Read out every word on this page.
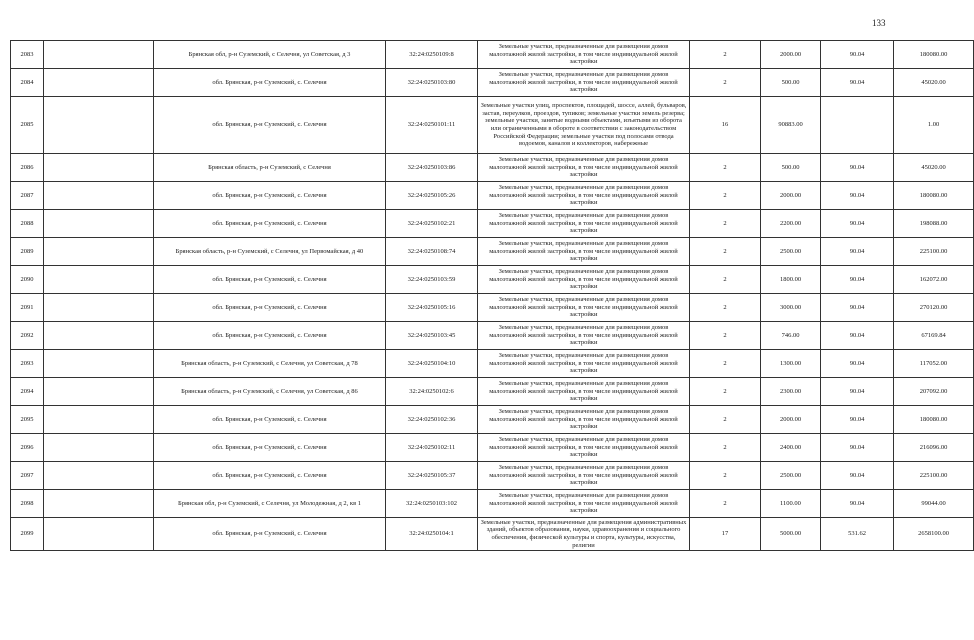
133
2083		Брянская обл, р-н Суземский, с Селечня, ул Советская, д 3	32:24:0250109:8	Земельные участки, предназначенные для размещения домов малоэтажной жилой застройки, в том числе индивидуальной жилой застройки	2	2000.00	90.04	180080.00
2084		обл. Брянская, р-н Суземский, с. Селечня	32:24:0250103:80	Земельные участки, предназначенные для размещения домов малоэтажной жилой застройки, в том числе индивидуальной жилой застройки	2	500.00	90.04	45020.00
2085		обл. Брянская, р-н Суземский, с. Селечня	32:24:0250101:11	Земельные участки улиц, проспектов, площадей, шоссе, аллей, бульваров, застав, переулков, проездов, тупиков; земельные участки земель резерва; земельные участки, занятые водными объектами, изъятыми из оборота или ограниченными в обороте в соответствии с законодательством Российской Федерации; земельные участки под полосами отвода водоемов, каналов и коллекторов, набережные	16	90883.00		1.00
2086		Брянская область, р-н Суземский, с Селечня	32:24:0250103:86	Земельные участки, предназначенные для размещения домов малоэтажной жилой застройки, в том числе индивидуальной жилой застройки	2	500.00	90.04	45020.00
2087		обл. Брянская, р-н Суземский, с. Селечня	32:24:0250105:26	Земельные участки, предназначенные для размещения домов малоэтажной жилой застройки, в том числе индивидуальной жилой застройки	2	2000.00	90.04	180080.00
2088		обл. Брянская, р-н Суземский, с. Селечня	32:24:0250102:21	Земельные участки, предназначенные для размещения домов малоэтажной жилой застройки, в том числе индивидуальной жилой застройки	2	2200.00	90.04	198088.00
2089		Брянская область, р-н Суземский, с Селечня, ул Первомайская, д 40	32:24:0250108:74	Земельные участки, предназначенные для размещения домов малоэтажной жилой застройки, в том числе индивидуальной жилой застройки	2	2500.00	90.04	225100.00
2090		обл. Брянская, р-н Суземский, с. Селечня	32:24:0250103:59	Земельные участки, предназначенные для размещения домов малоэтажной жилой застройки, в том числе индивидуальной жилой застройки	2	1800.00	90.04	162072.00
2091		обл. Брянская, р-н Суземский, с. Селечня	32:24:0250105:16	Земельные участки, предназначенные для размещения домов малоэтажной жилой застройки, в том числе индивидуальной жилой застройки	2	3000.00	90.04	270120.00
2092		обл. Брянская, р-н Суземский, с. Селечня	32:24:0250103:45	Земельные участки, предназначенные для размещения домов малоэтажной жилой застройки, в том числе индивидуальной жилой застройки	2	746.00	90.04	67169.84
2093		Брянская область, р-н Суземский, с Селечня, ул Советская, д 78	32:24:0250104:10	Земельные участки, предназначенные для размещения домов малоэтажной жилой застройки, в том числе индивидуальной жилой застройки	2	1300.00	90.04	117052.00
2094		Брянская область, р-н Суземский, с Селечня, ул Советская, д 86	32:24:0250102:6	Земельные участки, предназначенные для размещения домов малоэтажной жилой застройки, в том числе индивидуальной жилой застройки	2	2300.00	90.04	207092.00
2095		обл. Брянская, р-н Суземский, с. Селечня	32:24:0250102:36	Земельные участки, предназначенные для размещения домов малоэтажной жилой застройки, в том числе индивидуальной жилой застройки	2	2000.00	90.04	180080.00
2096		обл. Брянская, р-н Суземский, с. Селечня	32:24:0250102:11	Земельные участки, предназначенные для размещения домов малоэтажной жилой застройки, в том числе индивидуальной жилой застройки	2	2400.00	90.04	216096.00
2097		обл. Брянская, р-н Суземский, с. Селечня	32:24:0250105:37	Земельные участки, предназначенные для размещения домов малоэтажной жилой застройки, в том числе индивидуальной жилой застройки	2	2500.00	90.04	225100.00
2098		Брянская обл, р-н Суземский, с Селечня, ул Молодежная, д 2, кв 1	32:24:0250103:102	Земельные участки, предназначенные для размещения домов малоэтажной жилой застройки, в том числе индивидуальной жилой застройки	2	1100.00	90.04	99044.00
2099		обл. Брянская, р-н Суземский, с. Селечня	32:24:0250104:1	Земельные участки, предназначенные для размещения административных зданий, объектов образования, науки, здравоохранения и социального обеспечения, физической культуры и спорта, культуры, искусства, религии	17	5000.00	531.62	2658100.00
